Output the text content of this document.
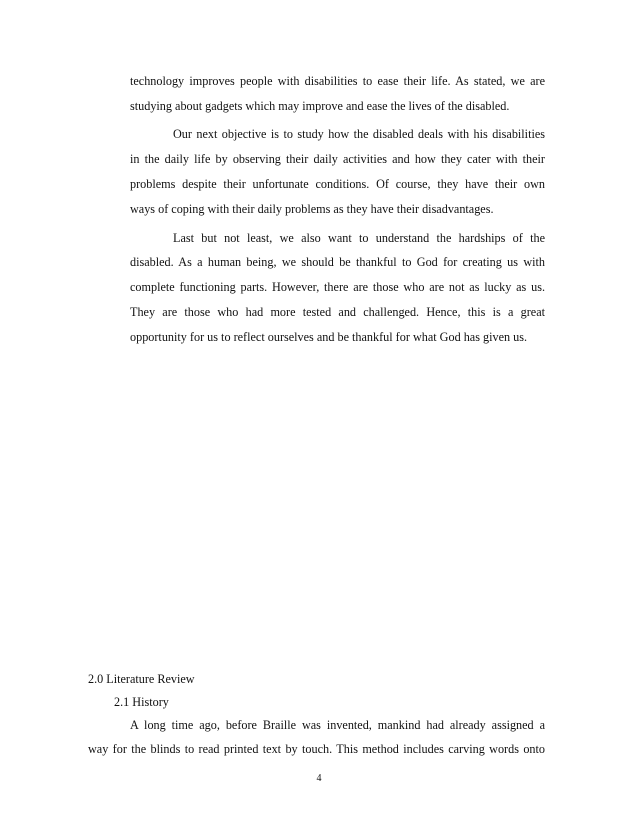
technology improves people with disabilities to ease their life. As stated, we are
studying about gadgets which may improve and ease the lives of the disabled.
Our next objective is to study how the disabled deals with his disabilities
in the daily life by observing their daily activities and how they cater with their
problems despite their unfortunate conditions. Of course, they have their own
ways of coping with their daily problems as they have their disadvantages.
Last but not least, we also want to understand the hardships of the
disabled. As a human being, we should be thankful to God for creating us with
complete functioning parts. However, there are those who are not as lucky as us.
They are those who had more tested and challenged. Hence, this is a great
opportunity for us to reflect ourselves and be thankful for what God has given us.
2.0 Literature Review
2.1 History
A long time ago, before Braille was invented, mankind had already assigned a
way for the blinds to read printed text by touch. This method includes carving words onto
4
